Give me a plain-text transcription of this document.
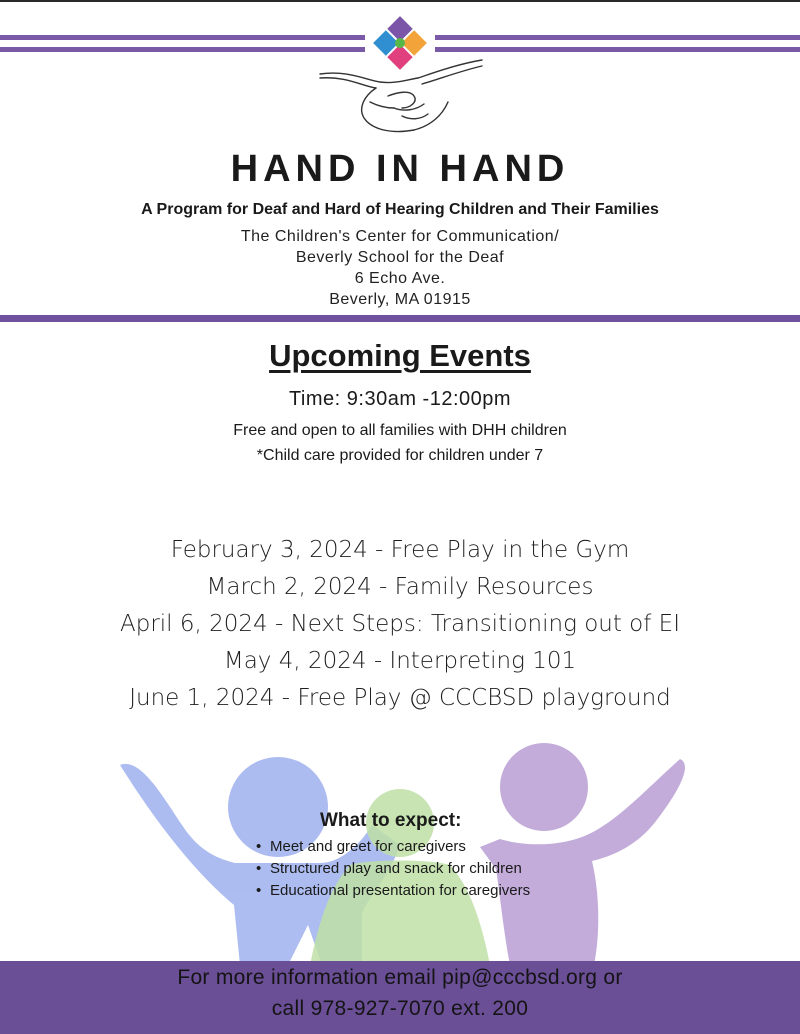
HAND IN HAND
A Program for Deaf and Hard of Hearing Children and Their Families
The Children's Center for Communication/
Beverly School for the Deaf
6 Echo Ave.
Beverly, MA 01915
Upcoming Events
Time: 9:30am -12:00pm
Free and open to all families with DHH children
*Child care provided for children under 7
February 3, 2024 - Free Play in the Gym
March 2, 2024 - Family Resources
April 6, 2024 - Next Steps: Transitioning out of EI
May 4, 2024 - Interpreting 101
June 1, 2024 - Free Play @ CCCBSD playground
What to expect:
• Meet and greet for caregivers
• Structured play and snack for children
• Educational presentation for caregivers
For more information email pip@cccbsd.org or
call 978-927-7070 ext. 200
